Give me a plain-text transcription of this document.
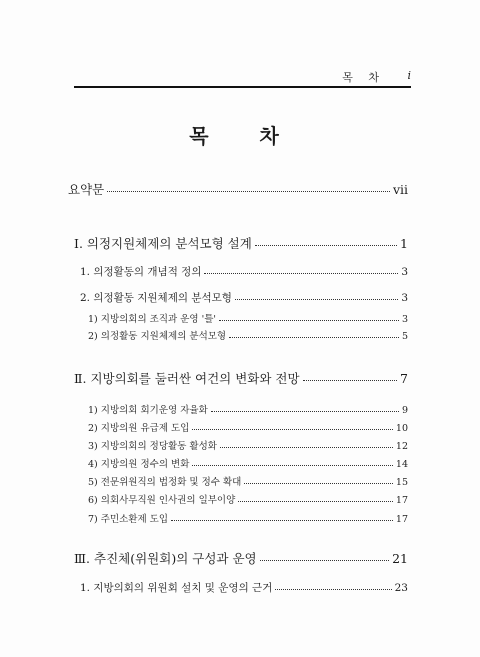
목 차 i
목 차
요약문	vii
Ⅰ. 의정지원체제의 분석모형 설계	1
1. 의정활동의 개념적 정의	3
2. 의정활동 지원체제의 분석모형	3
1) 지방의회의 조직과 운영 '틀'	3
2) 의정활동 지원체제의 분석모형	5
Ⅱ. 지방의회를 둘러싼 여건의 변화와 전망	7
1) 지방의회 회기운영 자율화	9
2) 지방의원 유급제 도입	10
3) 지방의회의 정당활동 활성화	12
4) 지방의원 정수의 변화	14
5) 전문위원직의 법정화 및 정수 확대	15
6) 의회사무직원 인사권의 일부이양	17
7) 주민소환제 도입	17
Ⅲ. 추진체(위원회)의 구성과 운영	21
1. 지방의회의 위원회 설치 및 운영의 근거	23
